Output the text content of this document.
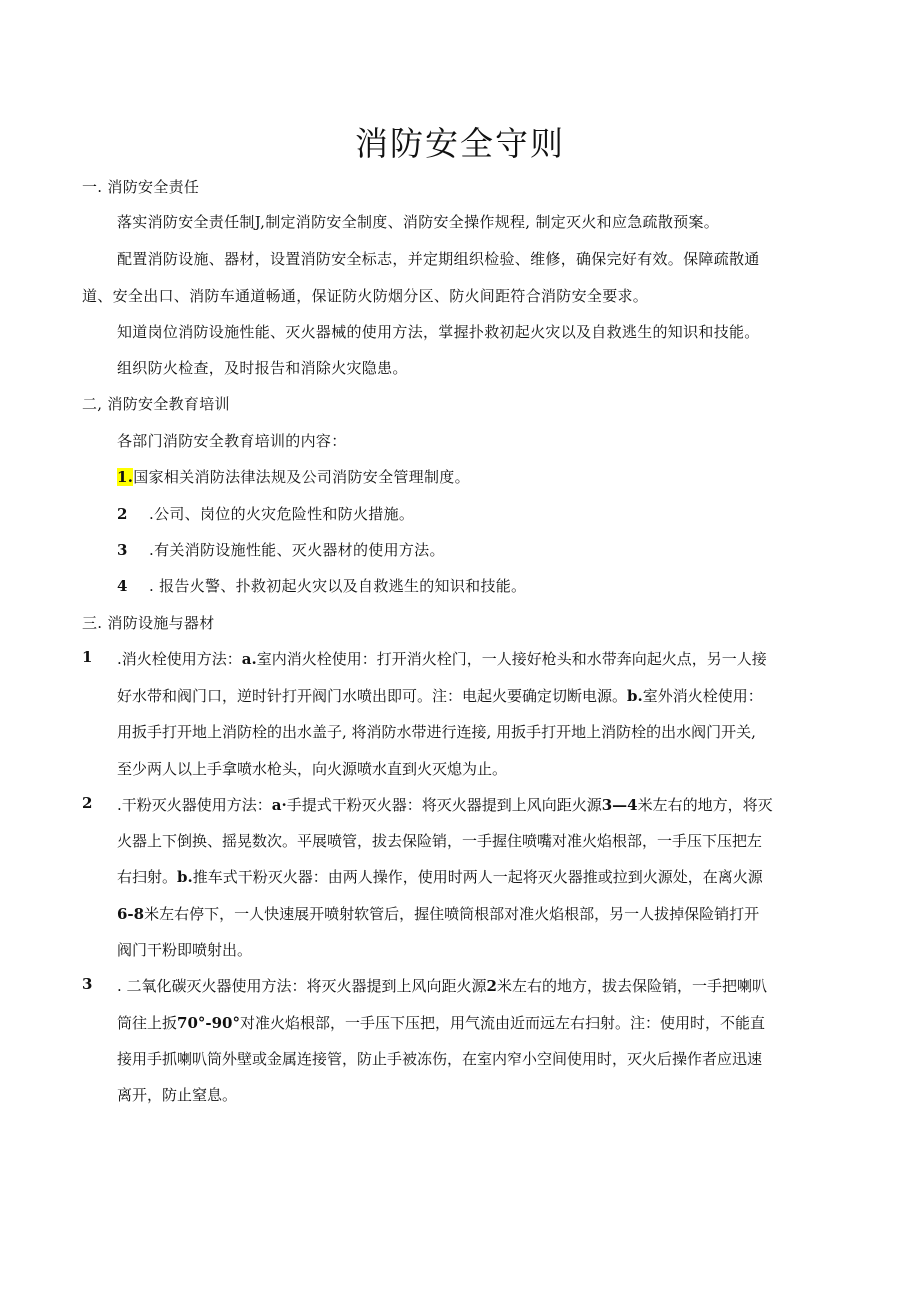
消防安全守则
一. 消防安全责任
落实消防安全责任制J,制定消防安全制度、消防安全操作规程, 制定灭火和应急疏散预案。
配置消防设施、器材，设置消防安全标志，并定期组织检验、维修，确保完好有效。保障疏散通
道、安全出口、消防车通道畅通，保证防火防烟分区、防火间距符合消防安全要求。
知道岗位消防设施性能、灭火器械的使用方法，掌握扑救初起火灾以及自救逃生的知识和技能。
组织防火检查，及时报告和消除火灾隐患。
二, 消防安全教育培训
各部门消防安全教育培训的内容：
1.国家相关消防法律法规及公司消防安全管理制度。
2 .公司、岗位的火灾危险性和防火措施。
3 .有关消防设施性能、灭火器材的使用方法。
4 . 报告火警、扑救初起火灾以及自救逃生的知识和技能。
三. 消防设施与器材
1 .消火栓使用方法：a.室内消火栓使用：打开消火栓门，一人接好枪头和水带奔向起火点，另一人接
好水带和阀门口，逆时针打开阀门水喷出即可。注：电起火要确定切断电源。b.室外消火栓使用：
用扳手打开地上消防栓的出水盖子, 将消防水带进行连接, 用扳手打开地上消防栓的出水阀门开关,
至少两人以上手拿喷水枪头，向火源喷水直到火灭熄为止。
2 .干粉灭火器使用方法：a·手提式干粉灭火器：将灭火器提到上风向距火源3—4米左右的地方，将灭
火器上下倒换、摇晃数次。平展喷管，拔去保险销，一手握住喷嘴对准火焰根部，一手压下压把左
右扫射。b.推车式干粉灭火器：由两人操作，使用时两人一起将灭火器推或拉到火源处，在离火源
6-8米左右停下，一人快速展开喷射软管后，握住喷筒根部对准火焰根部，另一人拔掉保险销打开
阀门干粉即喷射出。
3 . 二氧化碳灭火器使用方法：将灭火器提到上风向距火源2米左右的地方，拔去保险销，一手把喇叭
筒往上扳70°-90°对准火焰根部，一手压下压把，用气流由近而远左右扫射。注：使用时，不能直
接用手抓喇叭筒外壁或金属连接管，防止手被冻伤，在室内窄小空间使用时，灭火后操作者应迅速
离开，防止窒息。
